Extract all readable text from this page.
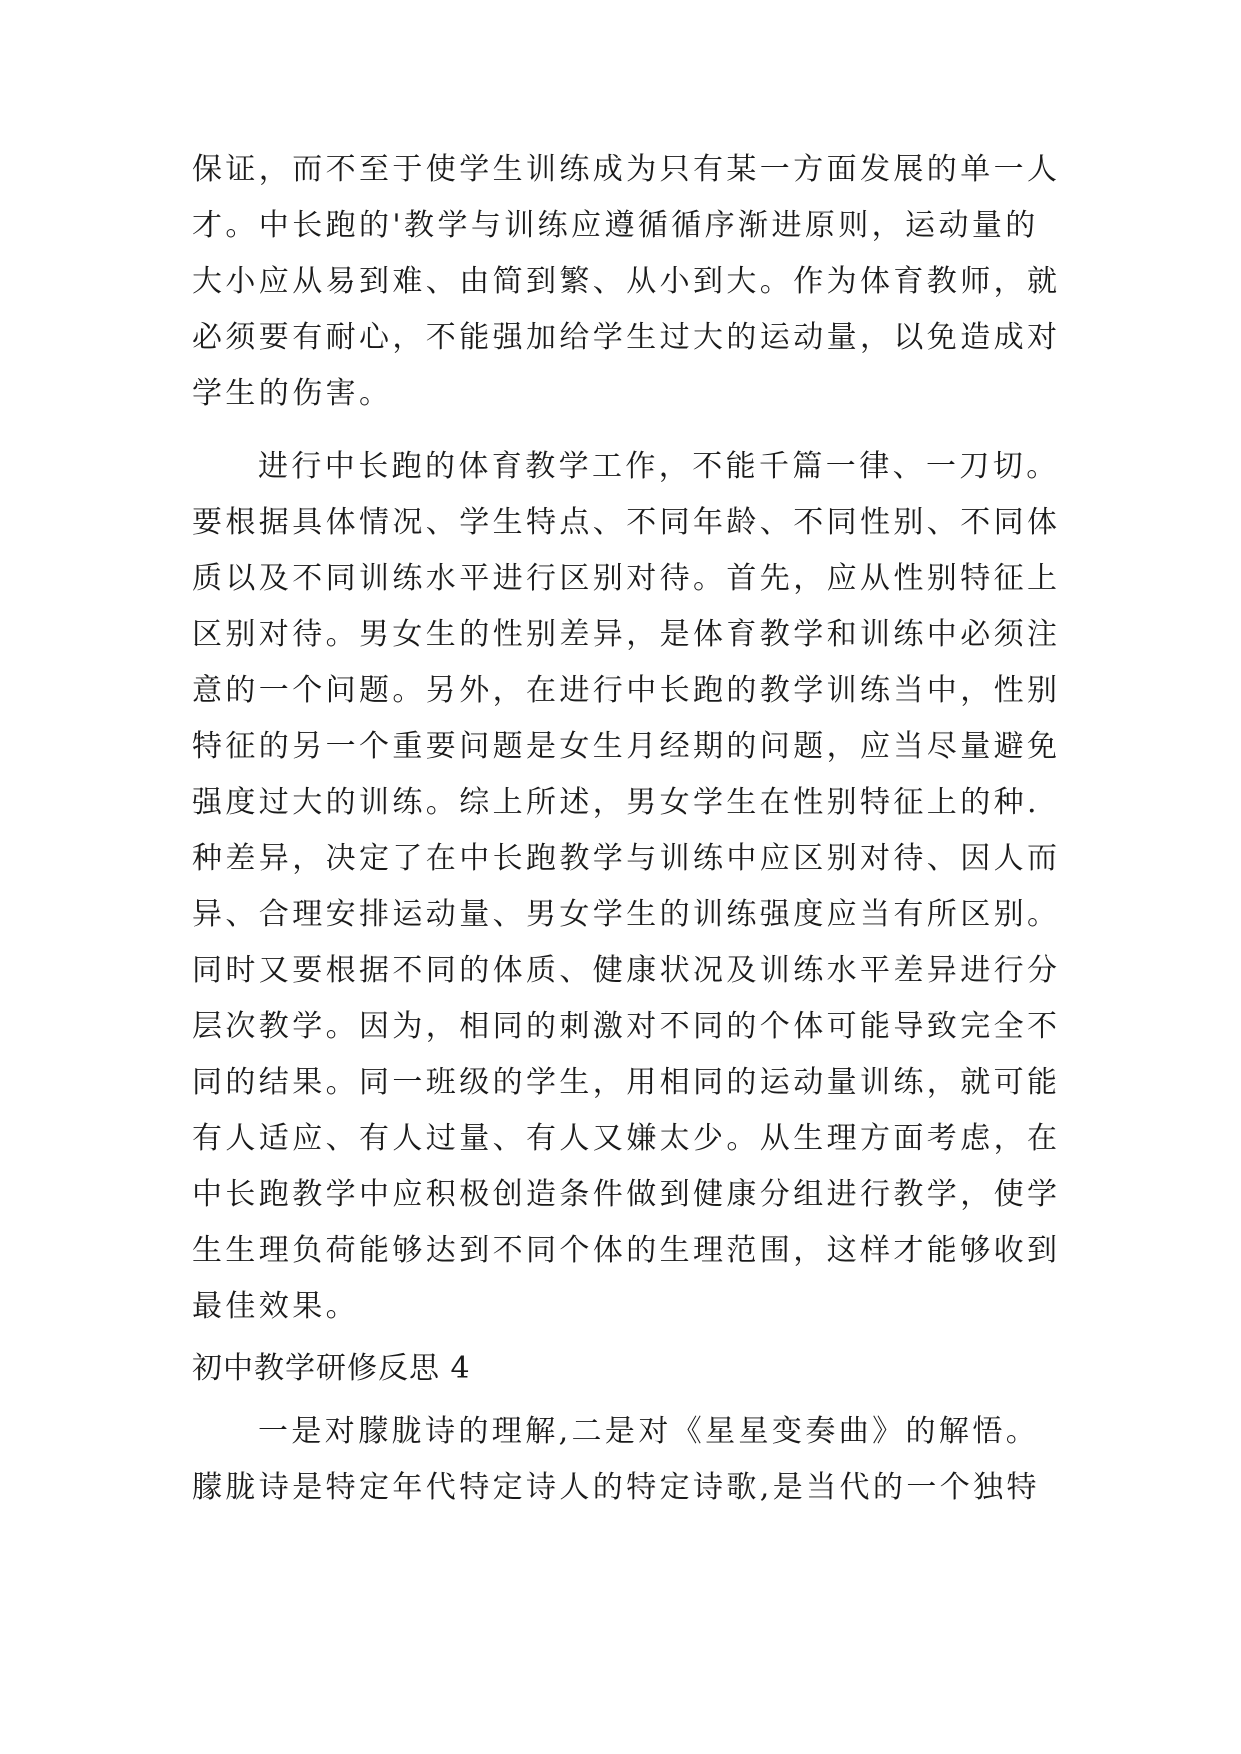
保证，而不至于使学生训练成为只有某一方面发展的单一人
才。中长跑的'教学与训练应遵循循序渐进原则，运动量的
大小应从易到难、由简到繁、从小到大。作为体育教师，就
必须要有耐心，不能强加给学生过大的运动量，以免造成对
学生的伤害。
进行中长跑的体育教学工作，不能千篇一律、一刀切。
要根据具体情况、学生特点、不同年龄、不同性别、不同体
质以及不同训练水平进行区别对待。首先，应从性别特征上
区别对待。男女生的性别差异，是体育教学和训练中必须注
意的一个问题。另外，在进行中长跑的教学训练当中，性别
特征的另一个重要问题是女生月经期的问题，应当尽量避免
强度过大的训练。综上所述，男女学生在性别特征上的种.
种差异，决定了在中长跑教学与训练中应区别对待、因人而
异、合理安排运动量、男女学生的训练强度应当有所区别。
同时又要根据不同的体质、健康状况及训练水平差异进行分
层次教学。因为，相同的刺激对不同的个体可能导致完全不
同的结果。同一班级的学生，用相同的运动量训练，就可能
有人适应、有人过量、有人又嫌太少。从生理方面考虑，在
中长跑教学中应积极创造条件做到健康分组进行教学，使学
生生理负荷能够达到不同个体的生理范围，这样才能够收到
最佳效果。
初中教学研修反思 4
一是对朦胧诗的理解,二是对《星星变奏曲》的解悟。
朦胧诗是特定年代特定诗人的特定诗歌,是当代的一个独特
